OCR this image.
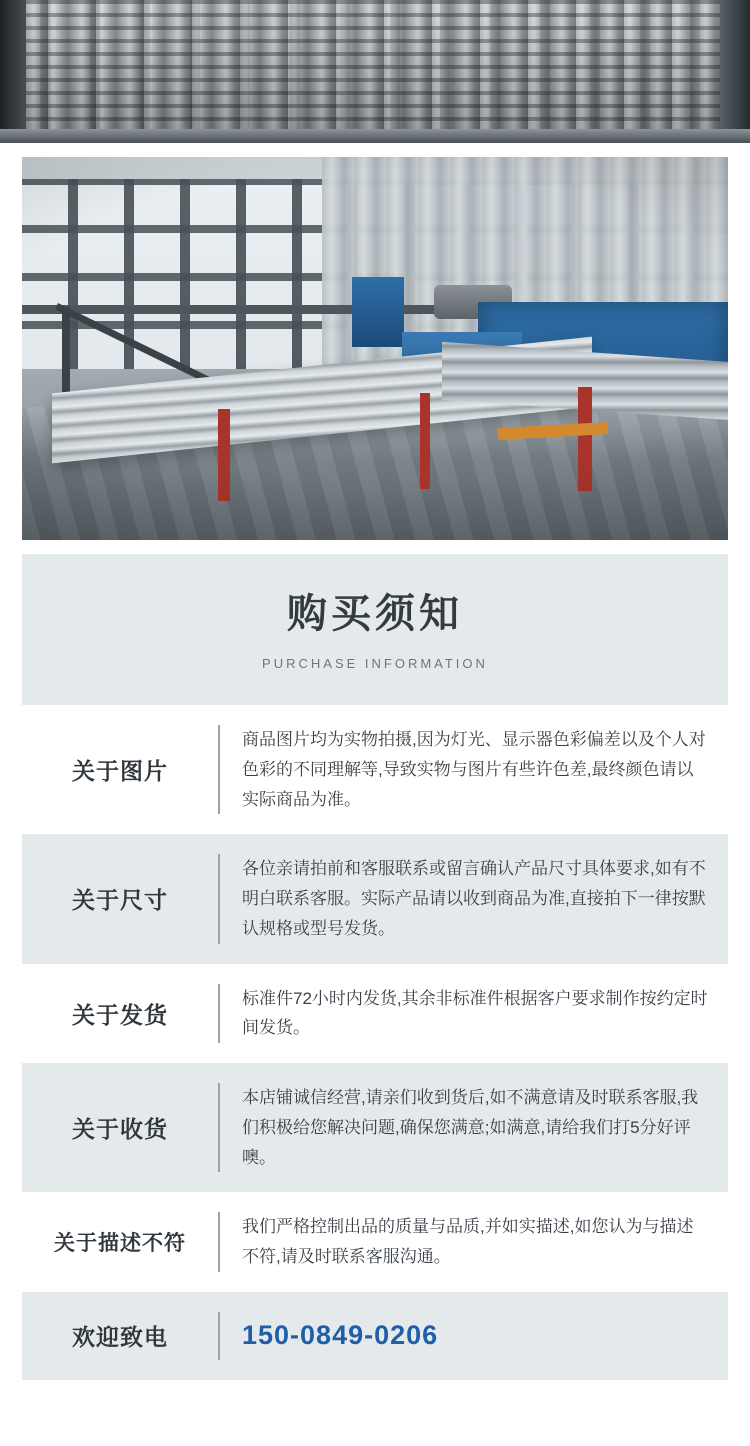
购买须知
PURCHASE INFORMATION
关于图片
商品图片均为实物拍摄,因为灯光、显示器色彩偏差以及个人对色彩的不同理解等,导致实物与图片有些许色差,最终颜色请以实际商品为准。
关于尺寸
各位亲请拍前和客服联系或留言确认产品尺寸具体要求,如有不明白联系客服。实际产品请以收到商品为准,直接拍下一律按默认规格或型号发货。
关于发货
标准件72小时内发货,其余非标准件根据客户要求制作按约定时间发货。
关于收货
本店铺诚信经营,请亲们收到货后,如不满意请及时联系客服,我们积极给您解决问题,确保您满意;如满意,请给我们打5分好评噢。
关于描述不符
我们严格控制出品的质量与品质,并如实描述,如您认为与描述不符,请及时联系客服沟通。
欢迎致电	150-0849-0206
